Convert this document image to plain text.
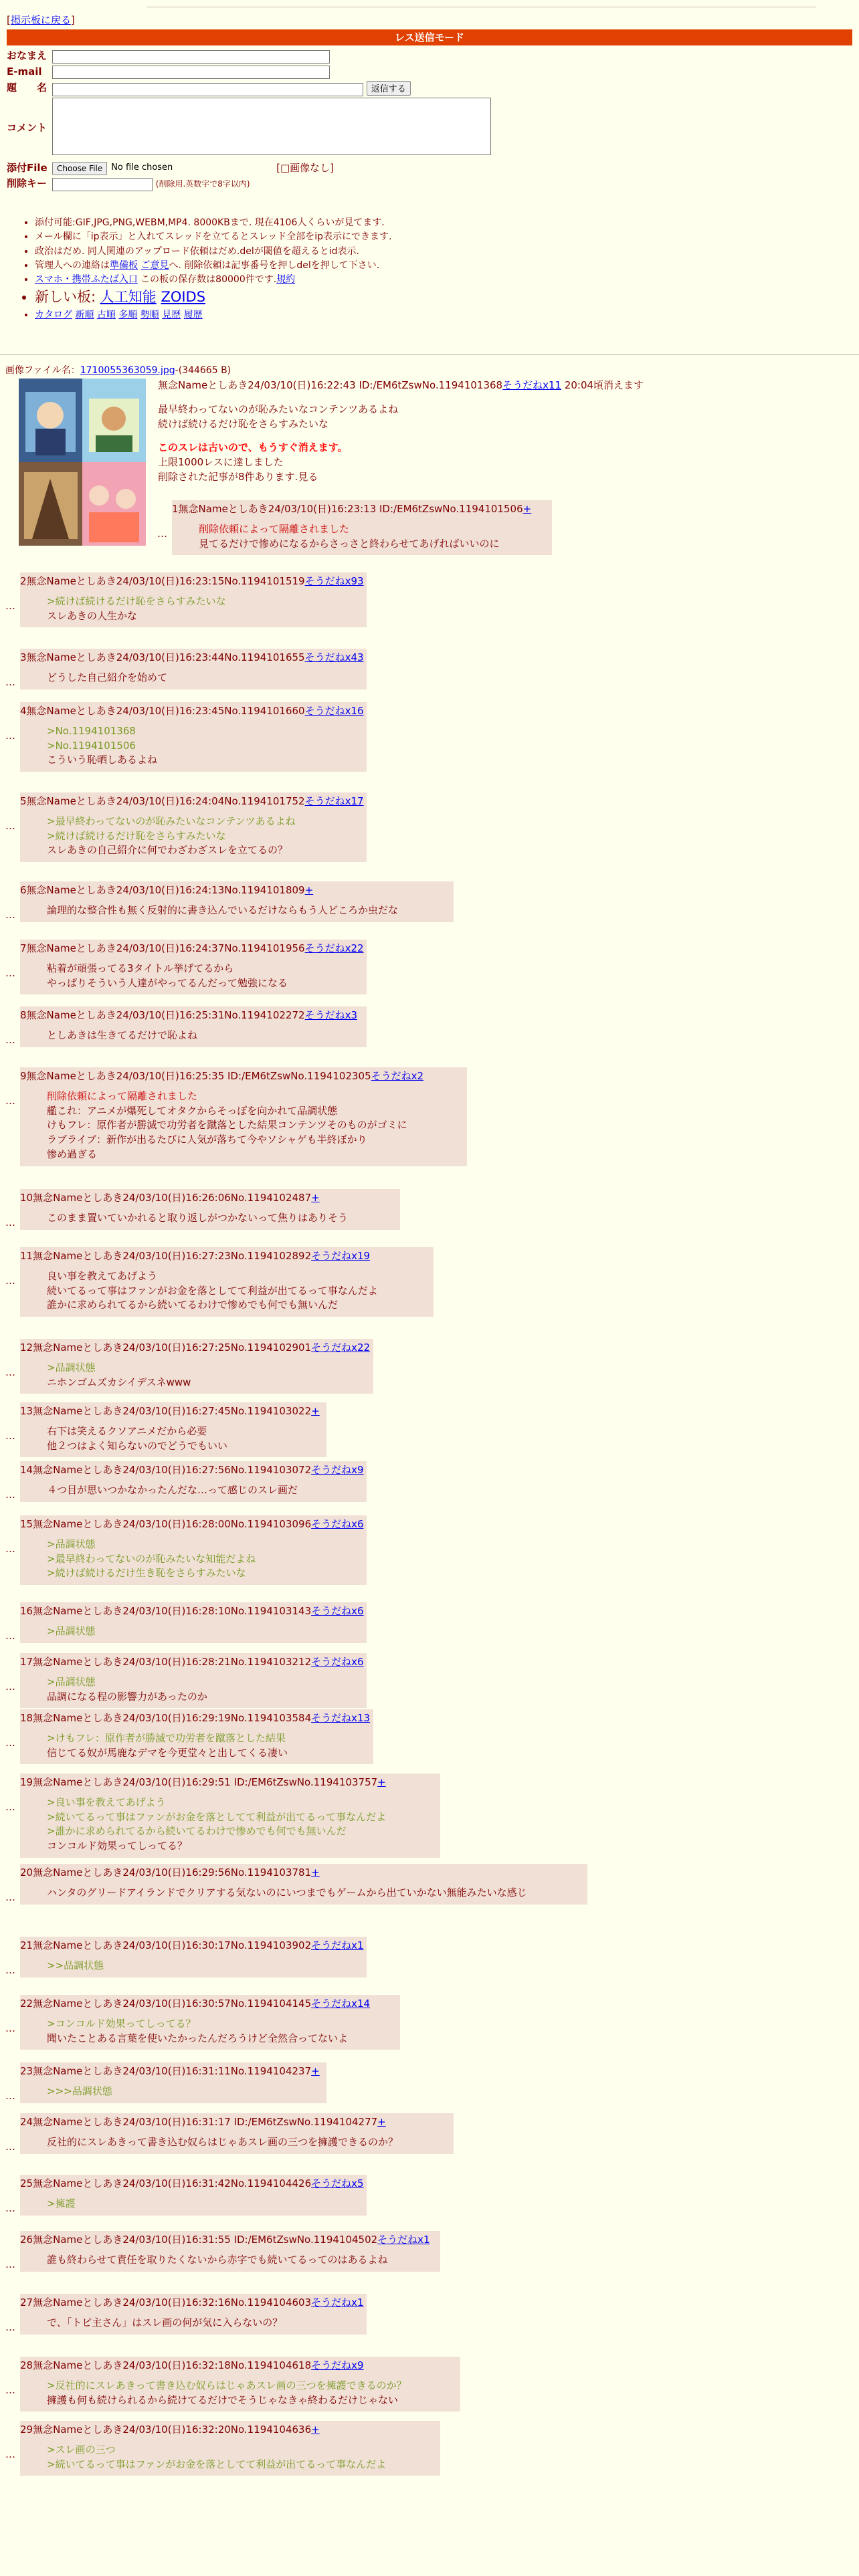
[掲示板に戻る]
レス送信モード
おなまえ	
E-mail	
題　　名	返信する
コメント	
添付File	Choose File No file chosen [□画像なし]
削除キー	(削除用.英数字で8字以内)
• 添付可能:GIF,JPG,PNG,WEBM,MP4. 8000KBまで. 現在4106人くらいが見てます.
• メール欄に「ip表示」と入れてスレッドを立てるとスレッド全部をip表示にできます.
• 政治はだめ. 同人関連のアップロード依頼はだめ.delが閾値を超えるとid表示.
• 管理人への連絡は準備板 ご意見へ. 削除依頼は記事番号を押しdelを押して下さい.
• スマホ・携帯ふたば入口 この板の保存数は80000件です.規約
• 新しい板: 人工知能 ZOIDS
• カタログ 新順 古順 多順 勢順 見歴 履歴
画像ファイル名：1710055363059.jpg-(344665 B)
無念Nameとしあき24/03/10(日)16:22:43 ID:/EM6tZswNo.1194101368そうだねx11 20:04頃消えます
最早終わってないのが恥みたいなコンテンツあるよね
続けば続けるだけ恥をさらすみたいな
このスレは古いので、もうすぐ消えます。
上限1000レスに達しました
削除された記事が8件あります.見る
1無念Nameとしあき24/03/10(日)16:23:13 ID:/EM6tZswNo.1194101506+
削除依頼によって隔離されました
見てるだけで惨めになるからさっさと終わらせてあげればいいのに
…
2無念Nameとしあき24/03/10(日)16:23:15No.1194101519そうだねx93
>続けば続けるだけ恥をさらすみたいな
スレあきの人生かな
…
3無念Nameとしあき24/03/10(日)16:23:44No.1194101655そうだねx43
どうした自己紹介を始めて
…
4無念Nameとしあき24/03/10(日)16:23:45No.1194101660そうだねx16
>No.1194101368
>No.1194101506
こういう恥晒しあるよね
…
5無念Nameとしあき24/03/10(日)16:24:04No.1194101752そうだねx17
>最早終わってないのが恥みたいなコンテンツあるよね
>続けば続けるだけ恥をさらすみたいな
スレあきの自己紹介に何でわざわざスレを立てるの？
…
6無念Nameとしあき24/03/10(日)16:24:13No.1194101809+
論理的な整合性も無く反射的に書き込んでいるだけならもう人どころか虫だな
…
7無念Nameとしあき24/03/10(日)16:24:37No.1194101956そうだねx22
粘着が頑張ってる3タイトル挙げてるから
やっぱりそういう人達がやってるんだって勉強になる
…
8無念Nameとしあき24/03/10(日)16:25:31No.1194102272そうだねx3
としあきは生きてるだけで恥よね
…
9無念Nameとしあき24/03/10(日)16:25:35 ID:/EM6tZswNo.1194102305そうだねx2
削除依頼によって隔離されました
艦これ：アニメが爆死してオタクからそっぽを向かれて品調状態
けもフレ：原作者が勝滅で功労者を蹴落とした結果コンテンツそのものがゴミに
ラブライブ：新作が出るたびに人気が落ちて今やソシャゲも半終ぼかり
惨め過ぎる
…
10無念Nameとしあき24/03/10(日)16:26:06No.1194102487+
このまま置いていかれると取り返しがつかないって焦りはありそう
…
11無念Nameとしあき24/03/10(日)16:27:23No.1194102892そうだねx19
良い事を教えてあげよう
続いてるって事はファンがお金を落としてて利益が出てるって事なんだよ
誰かに求められてるから続いてるわけで惨めでも何でも無いんだ
…
12無念Nameとしあき24/03/10(日)16:27:25No.1194102901そうだねx22
>品調状態
ニホンゴムズカシイデスネwww
…
13無念Nameとしあき24/03/10(日)16:27:45No.1194103022+
右下は笑えるクソアニメだから必要
他２つはよく知らないのでどうでもいい
…
14無念Nameとしあき24/03/10(日)16:27:56No.1194103072そうだねx9
４つ目が思いつかなかったんだな…って感じのスレ画だ
…
15無念Nameとしあき24/03/10(日)16:28:00No.1194103096そうだねx6
>品調状態
>最早終わってないのが恥みたいな知能だよね
>続けば続けるだけ生き恥をさらすみたいな
…
16無念Nameとしあき24/03/10(日)16:28:10No.1194103143そうだねx6
>品調状態
…
17無念Nameとしあき24/03/10(日)16:28:21No.1194103212そうだねx6
>品調状態
品調になる程の影響力があったのか
…
18無念Nameとしあき24/03/10(日)16:29:19No.1194103584そうだねx13
>けもフレ：原作者が勝滅で功労者を蹴落とした結果
信じてる奴が馬鹿なデマを今更堂々と出してくる凄い
…
19無念Nameとしあき24/03/10(日)16:29:51 ID:/EM6tZswNo.1194103757+
>良い事を教えてあげよう
>続いてるって事はファンがお金を落としてて利益が出てるって事なんだよ
>誰かに求められてるから続いてるわけで惨めでも何でも無いんだ
コンコルド効果ってしってる？
…
20無念Nameとしあき24/03/10(日)16:29:56No.1194103781+
ハンタのグリードアイランドでクリアする気ないのにいつまでもゲームから出ていかない無能みたいな感じ
…
21無念Nameとしあき24/03/10(日)16:30:17No.1194103902そうだねx1
>>品調状態
…
22無念Nameとしあき24/03/10(日)16:30:57No.1194104145そうだねx14
>コンコルド効果ってしってる？
聞いたことある言葉を使いたかったんだろうけど全然合ってないよ
…
23無念Nameとしあき24/03/10(日)16:31:11No.1194104237+
>>>品調状態
…
24無念Nameとしあき24/03/10(日)16:31:17 ID:/EM6tZswNo.1194104277+
反社的にスレあきって書き込む奴らはじゃあスレ画の三つを擁護できるのか？
…
25無念Nameとしあき24/03/10(日)16:31:42No.1194104426そうだねx5
>擁護
…
26無念Nameとしあき24/03/10(日)16:31:55 ID:/EM6tZswNo.1194104502そうだねx1
誰も終わらせて責任を取りたくないから赤字でも続いてるってのはあるよね
…
27無念Nameとしあき24/03/10(日)16:32:16No.1194104603そうだねx1
で、「トピ主さん」はスレ画の何が気に入らないの？
…
28無念Nameとしあき24/03/10(日)16:32:18No.1194104618そうだねx9
>反社的にスレあきって書き込む奴らはじゃあスレ画の三つを擁護できるのか？
擁護も何も続けられるから続けてるだけでそうじゃなきゃ終わるだけじゃない
…
29無念Nameとしあき24/03/10(日)16:32:20No.1194104636+
>スレ画の三つ
>続いてるって事はファンがお金を落としてて利益が出てるって事なんだよ
…
